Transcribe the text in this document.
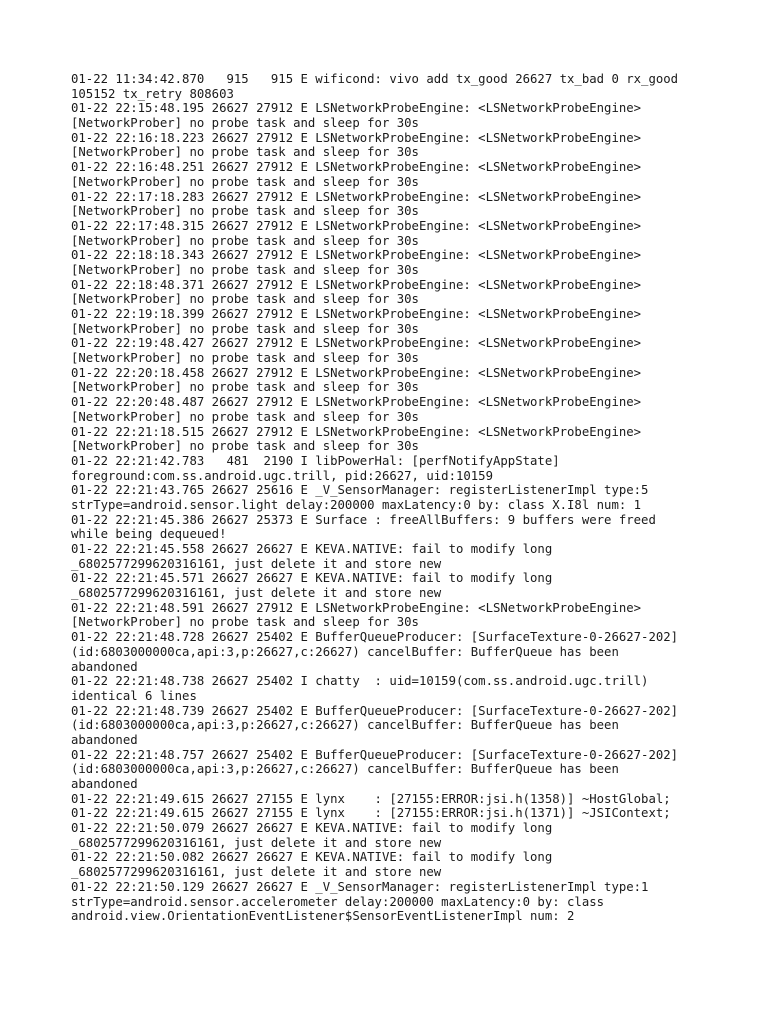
01-22 11:34:42.870   915   915 E wificond: vivo add tx_good 26627 tx_bad 0 rx_good
105152 tx_retry 808603
01-22 22:15:48.195 26627 27912 E LSNetworkProbeEngine: <LSNetworkProbeEngine>
[NetworkProber] no probe task and sleep for 30s
01-22 22:16:18.223 26627 27912 E LSNetworkProbeEngine: <LSNetworkProbeEngine>
[NetworkProber] no probe task and sleep for 30s
01-22 22:16:48.251 26627 27912 E LSNetworkProbeEngine: <LSNetworkProbeEngine>
[NetworkProber] no probe task and sleep for 30s
01-22 22:17:18.283 26627 27912 E LSNetworkProbeEngine: <LSNetworkProbeEngine>
[NetworkProber] no probe task and sleep for 30s
01-22 22:17:48.315 26627 27912 E LSNetworkProbeEngine: <LSNetworkProbeEngine>
[NetworkProber] no probe task and sleep for 30s
01-22 22:18:18.343 26627 27912 E LSNetworkProbeEngine: <LSNetworkProbeEngine>
[NetworkProber] no probe task and sleep for 30s
01-22 22:18:48.371 26627 27912 E LSNetworkProbeEngine: <LSNetworkProbeEngine>
[NetworkProber] no probe task and sleep for 30s
01-22 22:19:18.399 26627 27912 E LSNetworkProbeEngine: <LSNetworkProbeEngine>
[NetworkProber] no probe task and sleep for 30s
01-22 22:19:48.427 26627 27912 E LSNetworkProbeEngine: <LSNetworkProbeEngine>
[NetworkProber] no probe task and sleep for 30s
01-22 22:20:18.458 26627 27912 E LSNetworkProbeEngine: <LSNetworkProbeEngine>
[NetworkProber] no probe task and sleep for 30s
01-22 22:20:48.487 26627 27912 E LSNetworkProbeEngine: <LSNetworkProbeEngine>
[NetworkProber] no probe task and sleep for 30s
01-22 22:21:18.515 26627 27912 E LSNetworkProbeEngine: <LSNetworkProbeEngine>
[NetworkProber] no probe task and sleep for 30s
01-22 22:21:42.783   481  2190 I libPowerHal: [perfNotifyAppState]
foreground:com.ss.android.ugc.trill, pid:26627, uid:10159
01-22 22:21:43.765 26627 25616 E _V_SensorManager: registerListenerImpl type:5
strType=android.sensor.light delay:200000 maxLatency:0 by: class X.I8l num: 1
01-22 22:21:45.386 26627 25373 E Surface : freeAllBuffers: 9 buffers were freed
while being dequeued!
01-22 22:21:45.558 26627 26627 E KEVA.NATIVE: fail to modify long
_6802577299620316161, just delete it and store new
01-22 22:21:45.571 26627 26627 E KEVA.NATIVE: fail to modify long
_6802577299620316161, just delete it and store new
01-22 22:21:48.591 26627 27912 E LSNetworkProbeEngine: <LSNetworkProbeEngine>
[NetworkProber] no probe task and sleep for 30s
01-22 22:21:48.728 26627 25402 E BufferQueueProducer: [SurfaceTexture-0-26627-202]
(id:6803000000ca,api:3,p:26627,c:26627) cancelBuffer: BufferQueue has been
abandoned
01-22 22:21:48.738 26627 25402 I chatty  : uid=10159(com.ss.android.ugc.trill)
identical 6 lines
01-22 22:21:48.739 26627 25402 E BufferQueueProducer: [SurfaceTexture-0-26627-202]
(id:6803000000ca,api:3,p:26627,c:26627) cancelBuffer: BufferQueue has been
abandoned
01-22 22:21:48.757 26627 25402 E BufferQueueProducer: [SurfaceTexture-0-26627-202]
(id:6803000000ca,api:3,p:26627,c:26627) cancelBuffer: BufferQueue has been
abandoned
01-22 22:21:49.615 26627 27155 E lynx    : [27155:ERROR:jsi.h(1358)] ~HostGlobal;
01-22 22:21:49.615 26627 27155 E lynx    : [27155:ERROR:jsi.h(1371)] ~JSIContext;
01-22 22:21:50.079 26627 26627 E KEVA.NATIVE: fail to modify long
_6802577299620316161, just delete it and store new
01-22 22:21:50.082 26627 26627 E KEVA.NATIVE: fail to modify long
_6802577299620316161, just delete it and store new
01-22 22:21:50.129 26627 26627 E _V_SensorManager: registerListenerImpl type:1
strType=android.sensor.accelerometer delay:200000 maxLatency:0 by: class
android.view.OrientationEventListener$SensorEventListenerImpl num: 2
